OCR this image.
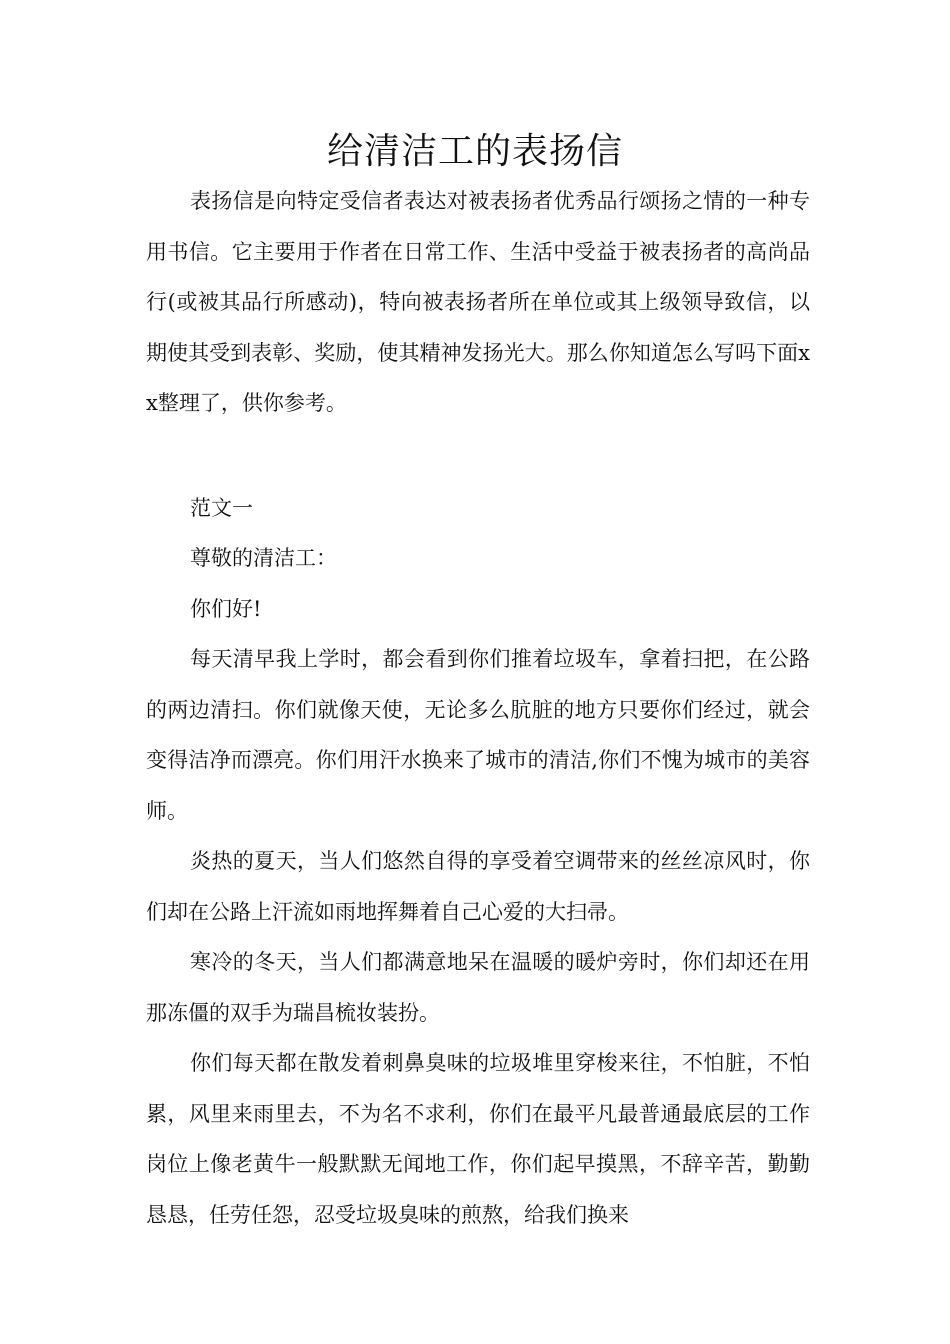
给清洁工的表扬信

表扬信是向特定受信者表达对被表扬者优秀品行颂扬之情的一种专用书信。它主要用于作者在日常工作、生活中受益于被表扬者的高尚品行(或被其品行所感动)，特向被表扬者所在单位或其上级领导致信，以期使其受到表彰、奖励，使其精神发扬光大。那么你知道怎么写吗下面xx整理了，供你参考。

范文一

尊敬的清洁工：

你们好!

每天清早我上学时，都会看到你们推着垃圾车，拿着扫把，在公路的两边清扫。你们就像天使，无论多么肮脏的地方只要你们经过，就会变得洁净而漂亮。你们用汗水换来了城市的清洁,你们不愧为城市的美容师。

炎热的夏天，当人们悠然自得的享受着空调带来的丝丝凉风时，你们却在公路上汗流如雨地挥舞着自己心爱的大扫帚。

寒冷的冬天，当人们都满意地呆在温暖的暖炉旁时，你们却还在用那冻僵的双手为瑞昌梳妆装扮。

你们每天都在散发着刺鼻臭味的垃圾堆里穿梭来往，不怕脏，不怕累，风里来雨里去，不为名不求利，你们在最平凡最普通最底层的工作岗位上像老黄牛一般默默无闻地工作，你们起早摸黑，不辞辛苦，勤勤恳恳，任劳任怨，忍受垃圾臭味的煎熬，给我们换来
